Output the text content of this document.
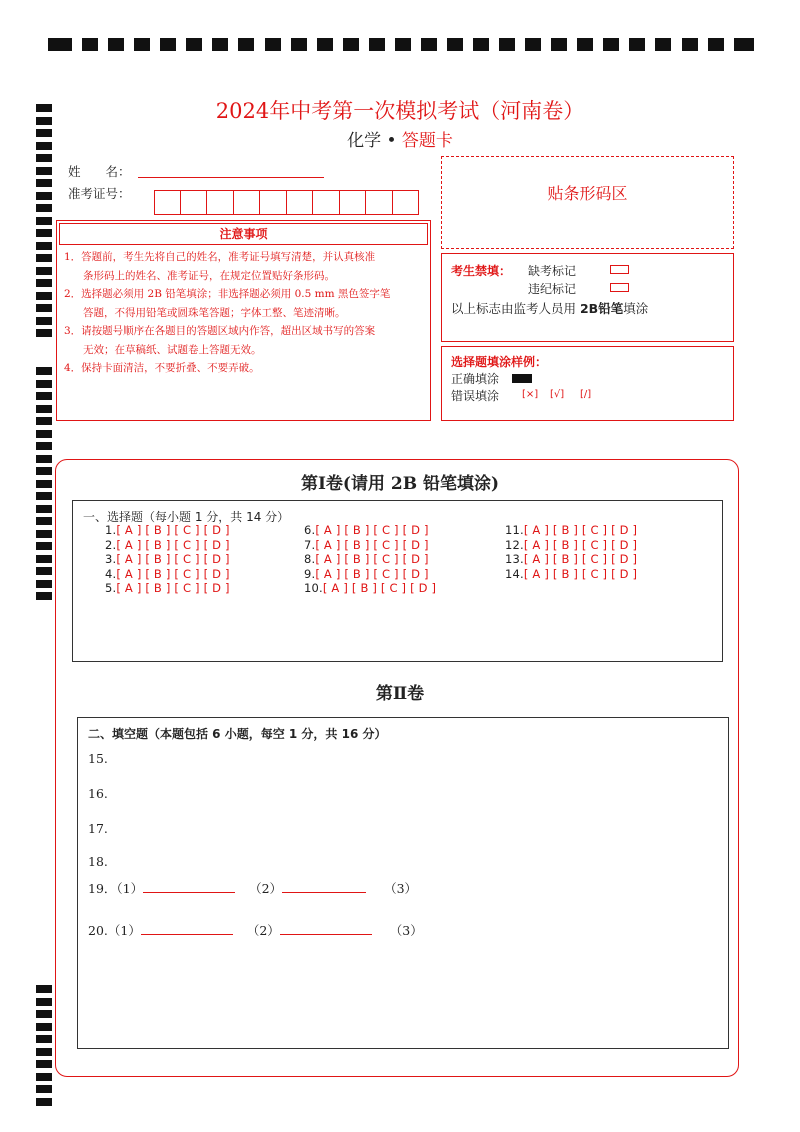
2024年中考第一次模拟考试（河南卷）
化学 • 答题卡
姓　　名：
准考证号：	贴条形码区
注意事项
1．答题前，考生先将自己的姓名，准考证号填写清楚，并认真核准
条形码上的姓名、准考证号，在规定位置贴好条形码。
2．选择题必须用 2B 铅笔填涂；非选择题必须用 0.5 mm 黑色签字笔
答题，不得用铅笔或圆珠笔答题；字体工整、笔迹清晰。
3．请按题号顺序在各题目的答题区域内作答，超出区域书写的答案
无效；在草稿纸、试题卷上答题无效。
4．保持卡面清洁，不要折叠、不要弄破。
考生禁填： 缺考标记
违纪标记
以上标志由监考人员用 2B铅笔填涂
选择题填涂样例：
正确填涂
错误填涂 [×] [√] [/]
第Ⅰ卷(请用 2B 铅笔填涂)
一、选择题（每小题 1 分，共 14 分）
1.[ A ] [ B ] [ C ] [ D ]
2.[ A ] [ B ] [ C ] [ D ]
3.[ A ] [ B ] [ C ] [ D ]
4.[ A ] [ B ] [ C ] [ D ]
5.[ A ] [ B ] [ C ] [ D ]
6.[ A ] [ B ] [ C ] [ D ]
7.[ A ] [ B ] [ C ] [ D ]
8.[ A ] [ B ] [ C ] [ D ]
9.[ A ] [ B ] [ C ] [ D ]
10.[ A ] [ B ] [ C ] [ D ]
11.[ A ] [ B ] [ C ] [ D ]
12.[ A ] [ B ] [ C ] [ D ]
13.[ A ] [ B ] [ C ] [ D ]
14.[ A ] [ B ] [ C ] [ D ]
第Ⅱ卷
二、填空题（本题包括 6 小题，每空 1 分，共 16 分）
15.
16.
17.
18.
19．（1）	（2）	（3）
20.（1）	（2）	（3）
